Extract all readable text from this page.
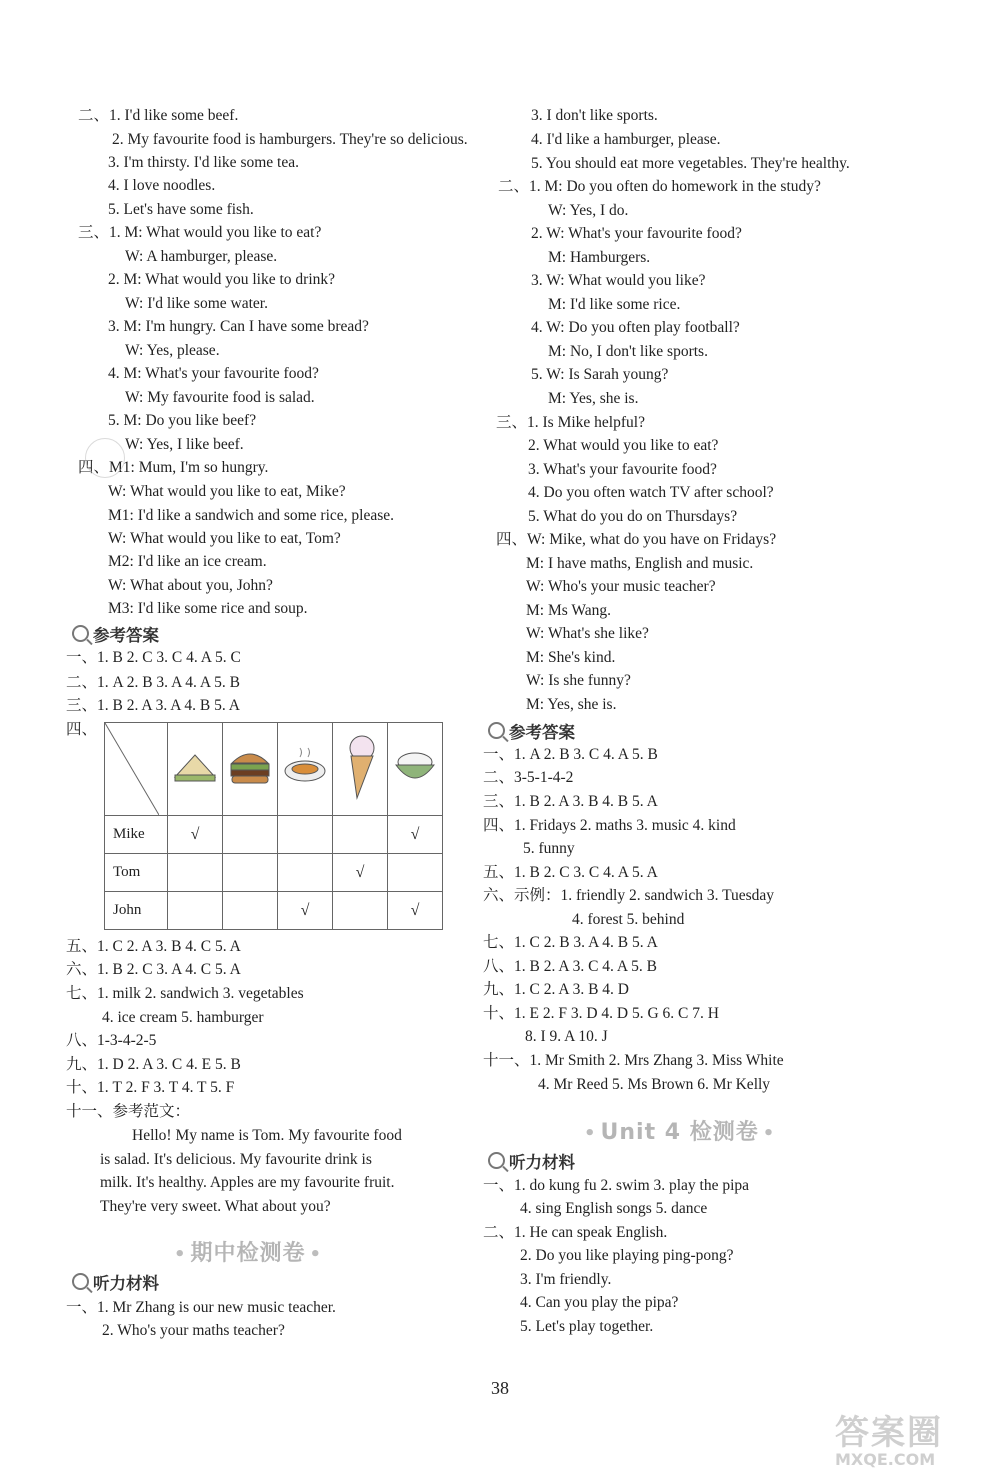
二、1. I'd like some beef.
2. My favourite food is hamburgers. They're so delicious.
3. I'm thirsty. I'd like some tea.
4. I love noodles.
5. Let's have some fish.
三、1. M: What would you like to eat?
W: A hamburger, please.
2. M: What would you like to drink?
W: I'd like some water.
3. M: I'm hungry. Can I have some bread?
W: Yes, please.
4. M: What's your favourite food?
W: My favourite food is salad.
5. M: Do you like beef?
W: Yes, I like beef.
四、M1: Mum, I'm so hungry.
W: What would you like to eat, Mike?
M1: I'd like a sandwich and some rice, please.
W: What would you like to eat, Tom?
M2: I'd like an ice cream.
W: What about you, John?
M3: I'd like some rice and soup.
一、1. B 2. C 3. C 4. A 5. C
二、1. A 2. B 3. A 4. A 5. B
三、1. B 2. A 3. A 4. B 5. A
四、
五、1. C 2. A 3. B 4. C 5. A
六、1. B 2. C 3. A 4. C 5. A
七、1. milk 2. sandwich 3. vegetables
4. ice cream 5. hamburger
八、1-3-4-2-5
九、1. D 2. A 3. C 4. E 5. B
十、1. T 2. F 3. T 4. T 5. F
十一、参考范文：
Hello! My name is Tom. My favourite food
is salad. It's delicious. My favourite drink is
milk. It's healthy. Apples are my favourite fruit.
They're very sweet. What about you?
一、1. Mr Zhang is our new music teacher.
2. Who's your maths teacher?
3. I don't like sports.
4. I'd like a hamburger, please.
5. You should eat more vegetables. They're healthy.
二、1. M: Do you often do homework in the study?
W: Yes, I do.
2. W: What's your favourite food?
M: Hamburgers.
3. W: What would you like?
M: I'd like some rice.
4. W: Do you often play football?
M: No, I don't like sports.
5. W: Is Sarah young?
M: Yes, she is.
三、1. Is Mike helpful?
2. What would you like to eat?
3. What's your favourite food?
4. Do you often watch TV after school?
5. What do you do on Thursdays?
四、W: Mike, what do you have on Fridays?
M: I have maths, English and music.
W: Who's your music teacher?
M: Ms Wang.
W: What's she like?
M: She's kind.
W: Is she funny?
M: Yes, she is.
一、1. A 2. B 3. C 4. A 5. B
二、3-5-1-4-2
三、1. B 2. A 3. B 4. B 5. A
四、1. Fridays 2. maths 3. music 4. kind
5. funny
五、1. B 2. C 3. C 4. A 5. A
六、示例：1. friendly 2. sandwich 3. Tuesday
4. forest 5. behind
七、1. C 2. B 3. A 4. B 5. A
八、1. B 2. A 3. C 4. A 5. B
九、1. C 2. A 3. B 4. D
十、1. E 2. F 3. D 4. D 5. G 6. C 7. H
8. I 9. A 10. J
十一、1. Mr Smith 2. Mrs Zhang 3. Miss White
4. Mr Reed 5. Ms Brown 6. Mr Kelly
一、1. do kung fu 2. swim 3. play the pipa
4. sing English songs 5. dance
二、1. He can speak English.
2. Do you like playing ping-pong?
3. I'm friendly.
4. Can you play the pipa?
5. Let's play together.
参考答案
参考答案
听力材料
听力材料
• 期中检测卷 •
• Unit 4 检测卷 •

Mike	√				√
Tom				√	
John			√		√
38
答案圈
MXQE.COM
